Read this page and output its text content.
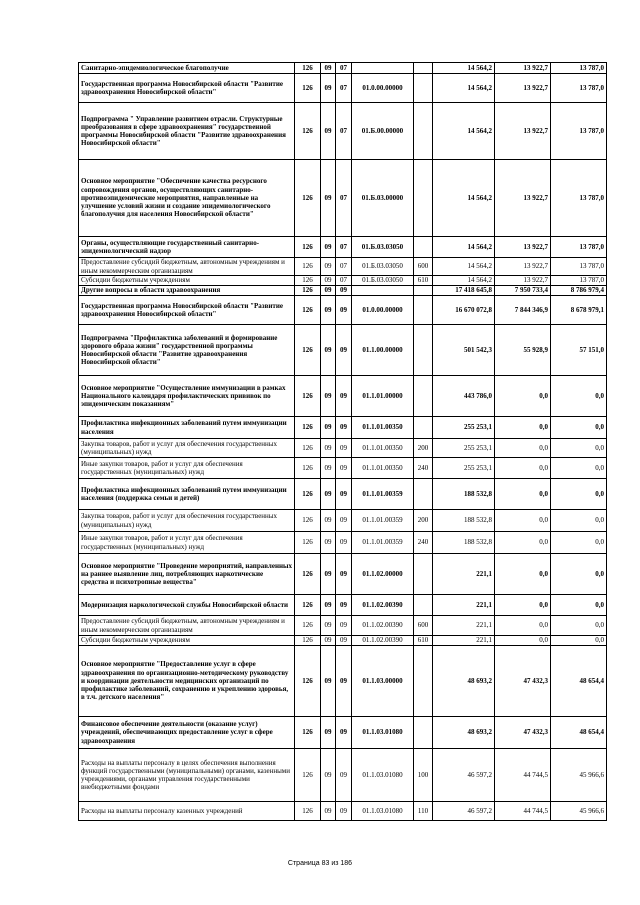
Санитарно-эпидемиологическое благополучие	126	09	07			14 564,2	13 922,7	13 787,0
Государственная программа Новосибирской области "Развитие здравоохранения Новосибирской области"	126	09	07	01.0.00.00000		14 564,2	13 922,7	13 787,0
Подпрограмма " Управление развитием отрасли. Структурные преобразования в сфере здравоохранения" государственной программы Новосибирской области "Развитие здравоохранения Новосибирской области"	126	09	07	01.Б.00.00000		14 564,2	13 922,7	13 787,0
Основное мероприятие "Обеспечение качества ресурсного сопровождения органов, осуществляющих санитарно-противоэпидемические мероприятия, направленные на улучшение условий жизни и создание эпидемиологического благополучия для населения Новосибирской области"	126	09	07	01.Б.03.00000		14 564,2	13 922,7	13 787,0
Органы, осуществляющие государственный санитарно-эпидемиологический надзор	126	09	07	01.Б.03.03050		14 564,2	13 922,7	13 787,0
Предоставление субсидий бюджетным, автономным учреждениям и иным некоммерческим организациям	126	09	07	01.Б.03.03050	600	14 564,2	13 922,7	13 787,0
Субсидии бюджетным учреждениям	126	09	07	01.Б.03.03050	610	14 564,2	13 922,7	13 787,0
Другие вопросы в области здравоохранения	126	09	09			17 418 645,8	7 950 733,4	8 786 979,4
Государственная программа Новосибирской области "Развитие здравоохранения Новосибирской области"	126	09	09	01.0.00.00000		16 670 072,8	7 844 346,9	8 678 979,1
Подпрограмма "Профилактика заболеваний и формирование здорового образа жизни" государственной программы Новосибирской области "Развитие здравоохранения Новосибирской области"	126	09	09	01.1.00.00000		501 542,3	55 928,9	57 151,0
Основное мероприятие "Осуществление иммунизации в рамках Национального календаря профилактических прививок по эпидемическим показаниям"	126	09	09	01.1.01.00000		443 786,0	0,0	0,0
Профилактика инфекционных заболеваний путем иммунизации населения	126	09	09	01.1.01.00350		255 253,1	0,0	0,0
Закупка товаров, работ и услуг для обеспечения государственных (муниципальных) нужд	126	09	09	01.1.01.00350	200	255 253,1	0,0	0,0
Иные закупки товаров, работ и услуг для обеспечения государственных (муниципальных) нужд	126	09	09	01.1.01.00350	240	255 253,1	0,0	0,0
Профилактика инфекционных заболеваний путем иммунизации населения (поддержка семьи и детей)	126	09	09	01.1.01.00359		188 532,8	0,0	0,0
Закупка товаров, работ и услуг для обеспечения государственных (муниципальных) нужд	126	09	09	01.1.01.00359	200	188 532,8	0,0	0,0
Иные закупки товаров, работ и услуг для обеспечения государственных (муниципальных) нужд	126	09	09	01.1.01.00359	240	188 532,8	0,0	0,0
Основное мероприятие "Проведение мероприятий, направленных на раннее выявление лиц, потребляющих наркотические средства и психотропные вещества"	126	09	09	01.1.02.00000		221,1	0,0	0,0
Модернизация наркологической службы Новосибирской области	126	09	09	01.1.02.00390		221,1	0,0	0,0
Предоставление субсидий бюджетным, автономным учреждениям и иным некоммерческим организациям	126	09	09	01.1.02.00390	600	221,1	0,0	0,0
Субсидии бюджетным учреждениям	126	09	09	01.1.02.00390	610	221,1	0,0	0,0
Основное мероприятие "Предоставление услуг в сфере здравоохранения по организационно-методическому руководству и координации деятельности медицинских организаций по профилактике заболеваний, сохранению и укреплению здоровья, в т.ч. детского населения"	126	09	09	01.1.03.00000		48 693,2	47 432,3	48 654,4
Финансовое обеспечение деятельности (оказание услуг) учреждений, обеспечивающих предоставление услуг в сфере здравоохранения	126	09	09	01.1.03.01080		48 693,2	47 432,3	48 654,4
Расходы на выплаты персоналу в целях обеспечения выполнения функций государственными (муниципальными) органами, казенными учреждениями, органами управления государственными внебюджетными фондами	126	09	09	01.1.03.01080	100	46 597,2	44 744,5	45 966,6
Расходы на выплаты персоналу казенных учреждений	126	09	09	01.1.03.01080	110	46 597,2	44 744,5	45 966,6
Страница 83 из 186
